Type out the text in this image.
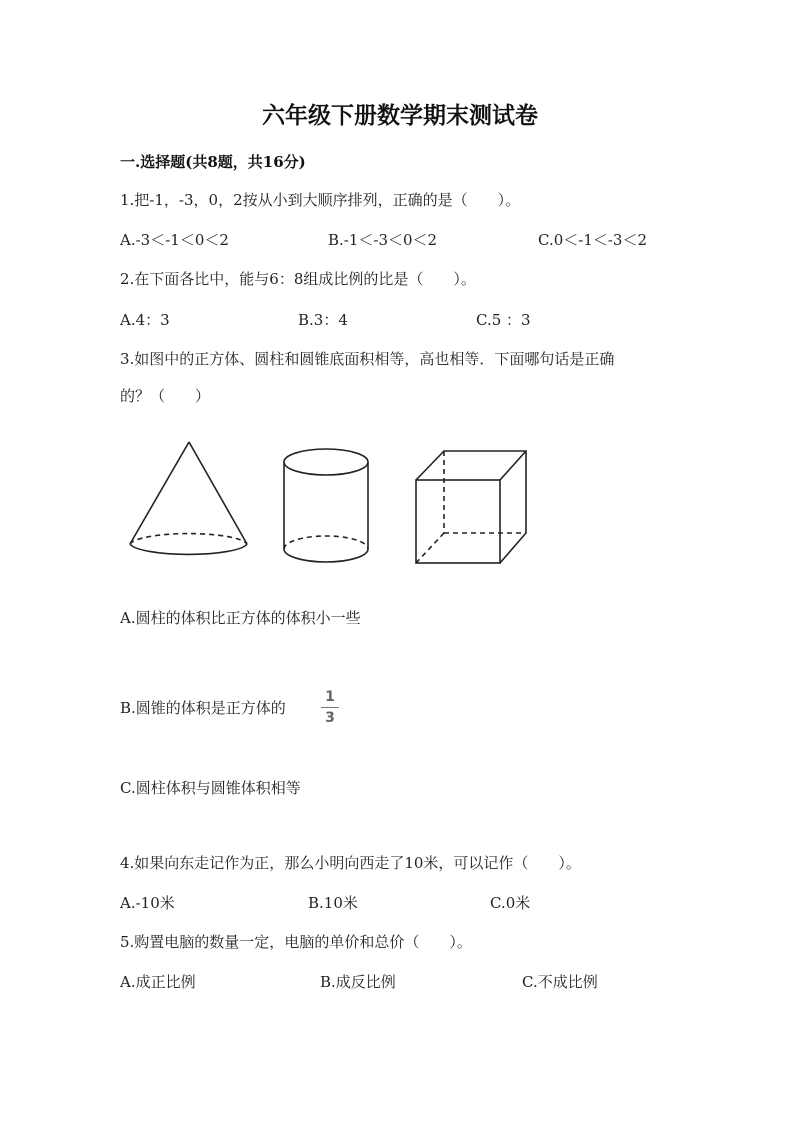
六年级下册数学期末测试卷
一.选择题(共8题，共16分)
1.把-1，-3，0，2按从小到大顺序排列，正确的是（　　）。
A.-3＜-1＜0＜2	B.-1＜-3＜0＜2	C.0＜-1＜-3＜2
2.在下面各比中，能与6：8组成比例的比是（　　）。
A.4：3	B.3：4	C.5 ：3
3.如图中的正方体、圆柱和圆锥底面积相等，高也相等．下面哪句话是正确
的？（　　）
A.圆柱的体积比正方体的体积小一些
B.圆锥的体积是正方体的
1
3
C.圆柱体积与圆锥体积相等
4.如果向东走记作为正，那么小明向西走了10米，可以记作（　　）。
A.-10米	B.10米	C.0米
5.购置电脑的数量一定，电脑的单价和总价（　　）。
A.成正比例	B.成反比例	C.不成比例
